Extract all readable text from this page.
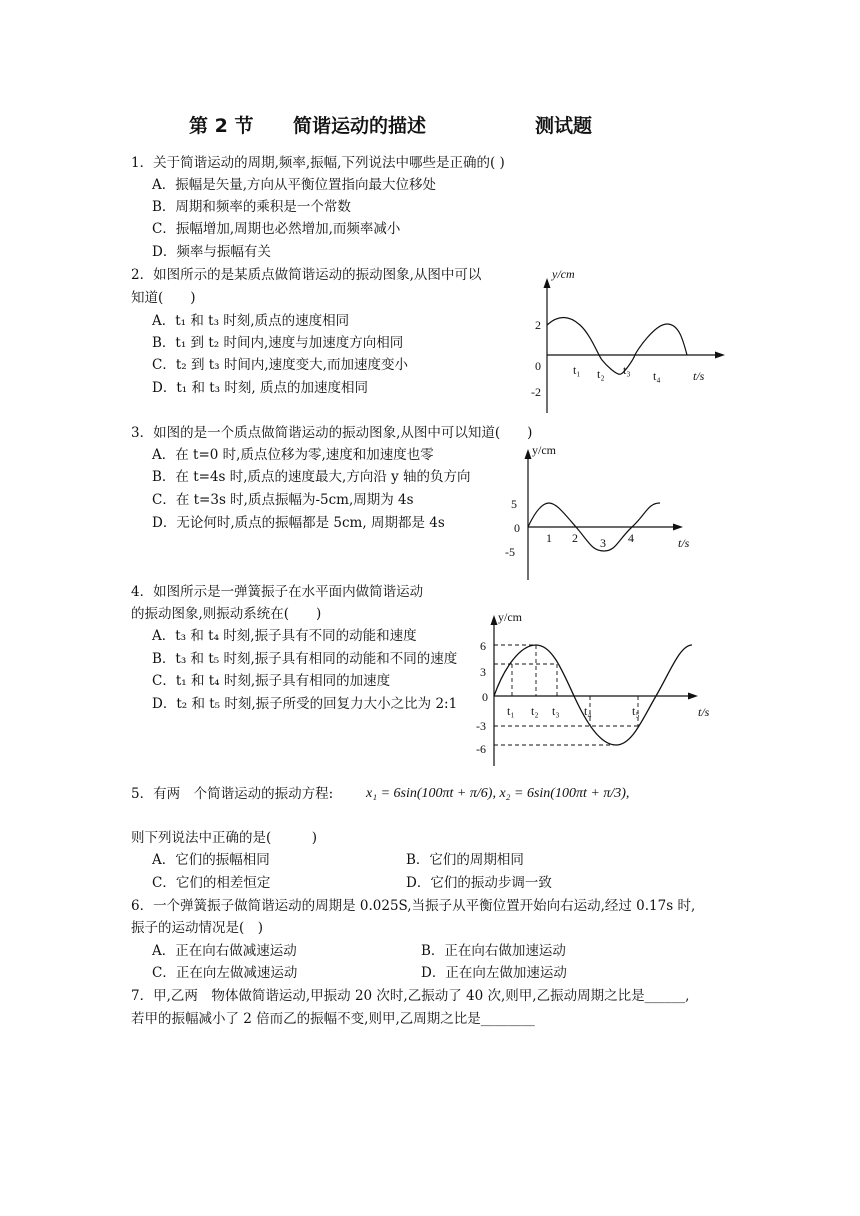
第 2 节 简谐运动的描述	测试题
1．关于简谐运动的周期,频率,振幅,下列说法中哪些是正确的( )
A．振幅是矢量,方向从平衡位置指向最大位移处
B．周期和频率的乘积是一个常数
C．振幅增加,周期也必然增加,而频率减小
D．频率与振幅有关
2．如图所示的是某质点做简谐运动的振动图象,从图中可以
知道(　　)
A．t₁ 和 t₃ 时刻,质点的速度相同
B．t₁ 到 t₂ 时间内,速度与加速度方向相同
C．t₂ 到 t₃ 时间内,速度变大,而加速度变小
D．t₁ 和 t₃ 时刻, 质点的加速度相同
y/cm
t/s
2
0
-2
t₁ t₂ t₃ t₄
3．如图的是一个质点做简谐运动的振动图象,从图中可以知道(　　)
A．在 t=0 时,质点位移为零,速度和加速度也零
B．在 t=4s 时,质点的速度最大,方向沿 y 轴的负方向
C．在 t=3s 时,质点振幅为-5cm,周期为 4s
D．无论何时,质点的振幅都是 5cm, 周期都是 4s
y/cm
t/s
5
0
-5
1 2 3 4
4．如图所示是一弹簧振子在水平面内做简谐运动
的振动图象,则振动系统在(　　)
A．t₃ 和 t₄ 时刻,振子具有不同的动能和速度
B．t₃ 和 t₅ 时刻,振子具有相同的动能和不同的速度
C．t₁ 和 t₄ 时刻,振子具有相同的加速度
D．t₂ 和 t₅ 时刻,振子所受的回复力大小之比为 2:1
y/cm
t/s
6
3
0
-3
-6
t₁ t₂ t₃ t₄	t₅
5．有两　个简谐运动的振动方程: x₁ = 6sin(100πt + π/6), x₂ = 6sin(100πt + π/3),
则下列说法中正确的是(　　　)
A．它们的振幅相同	B．它们的周期相同
C．它们的相差恒定	D．它们的振动步调一致
6．一个弹簧振子做简谐运动的周期是 0.025S,当振子从平衡位置开始向右运动,经过 0.17s 时,
振子的运动情况是(　)
A．正在向右做减速运动	B．正在向右做加速运动
C．正在向左做减速运动	D．正在向左做加速运动
7．甲,乙两　物体做简谐运动,甲振动 20 次时,乙振动了 40 次,则甲,乙振动周期之比是______,
若甲的振幅减小了 2 倍而乙的振幅不变,则甲,乙周期之比是________
